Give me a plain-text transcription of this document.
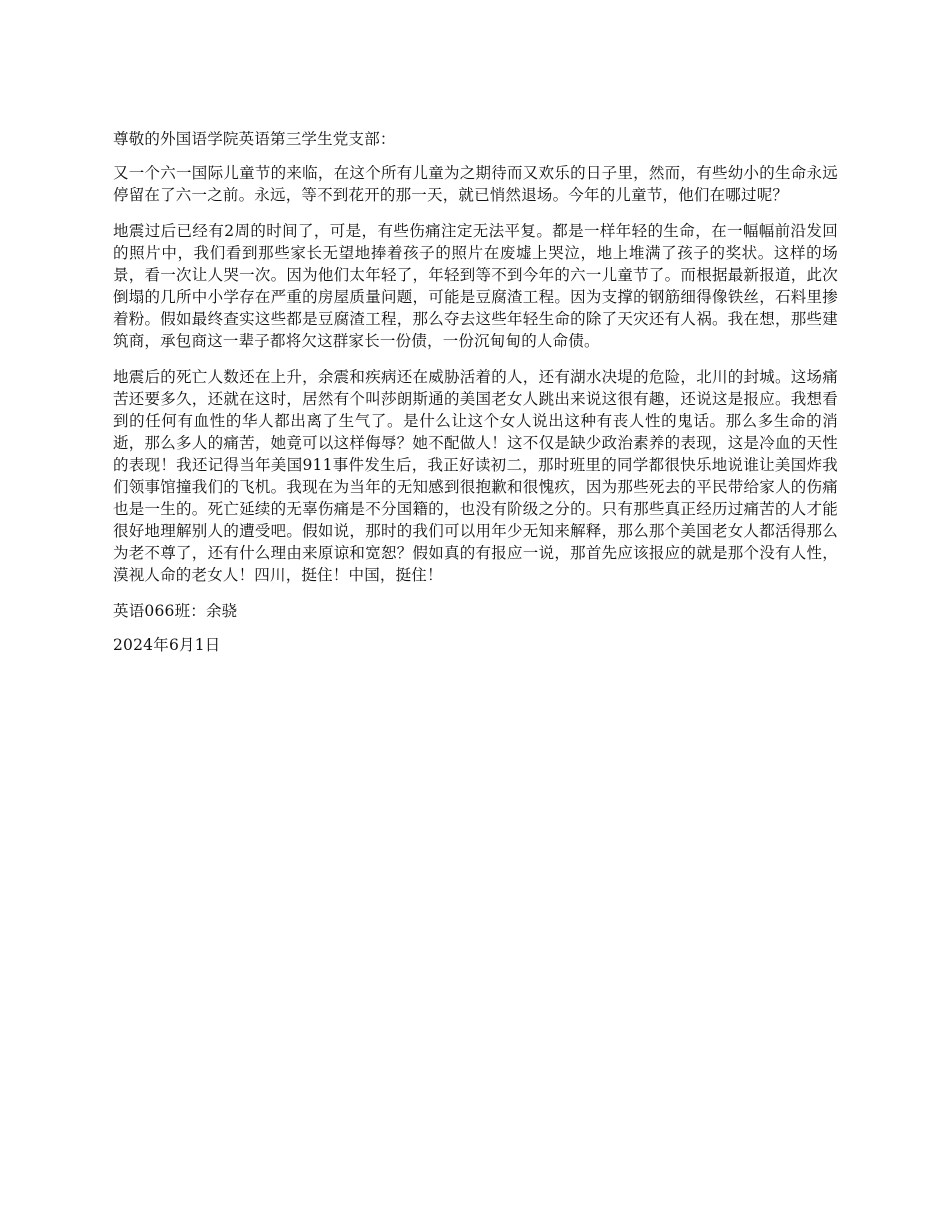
尊敬的外国语学院英语第三学生党支部：

又一个六一国际儿童节的来临，在这个所有儿童为之期待而又欢乐的日子里，然而，有些幼小的生命永远停留在了六一之前。永远，等不到花开的那一天，就已悄然退场。今年的儿童节，他们在哪过呢？

地震过后已经有2周的时间了，可是，有些伤痛注定无法平复。都是一样年轻的生命，在一幅幅前沿发回的照片中，我们看到那些家长无望地捧着孩子的照片在废墟上哭泣，地上堆满了孩子的奖状。这样的场景，看一次让人哭一次。因为他们太年轻了，年轻到等不到今年的六一儿童节了。而根据最新报道，此次倒塌的几所中小学存在严重的房屋质量问题，可能是豆腐渣工程。因为支撑的钢筋细得像铁丝，石料里掺着粉。假如最终查实这些都是豆腐渣工程，那么夺去这些年轻生命的除了天灾还有人祸。我在想，那些建筑商，承包商这一辈子都将欠这群家长一份债，一份沉甸甸的人命债。

地震后的死亡人数还在上升，余震和疾病还在威胁活着的人，还有湖水决堤的危险，北川的封城。这场痛苦还要多久，还就在这时，居然有个叫莎朗斯通的美国老女人跳出来说这很有趣，还说这是报应。我想看到的任何有血性的华人都出离了生气了。是什么让这个女人说出这种有丧人性的鬼话。那么多生命的消逝，那么多人的痛苦，她竟可以这样侮辱？她不配做人！这不仅是缺少政治素养的表现，这是冷血的天性的表现！我还记得当年美国911事件发生后，我正好读初二，那时班里的同学都很快乐地说谁让美国炸我们领事馆撞我们的飞机。我现在为当年的无知感到很抱歉和很愧疚，因为那些死去的平民带给家人的伤痛也是一生的。死亡延续的无辜伤痛是不分国籍的，也没有阶级之分的。只有那些真正经历过痛苦的人才能很好地理解别人的遭受吧。假如说，那时的我们可以用年少无知来解释，那么那个美国老女人都活得那么为老不尊了，还有什么理由来原谅和宽恕？假如真的有报应一说，那首先应该报应的就是那个没有人性，漠视人命的老女人！四川，挺住！中国，挺住！

英语066班：余骁

2024年6月1日
